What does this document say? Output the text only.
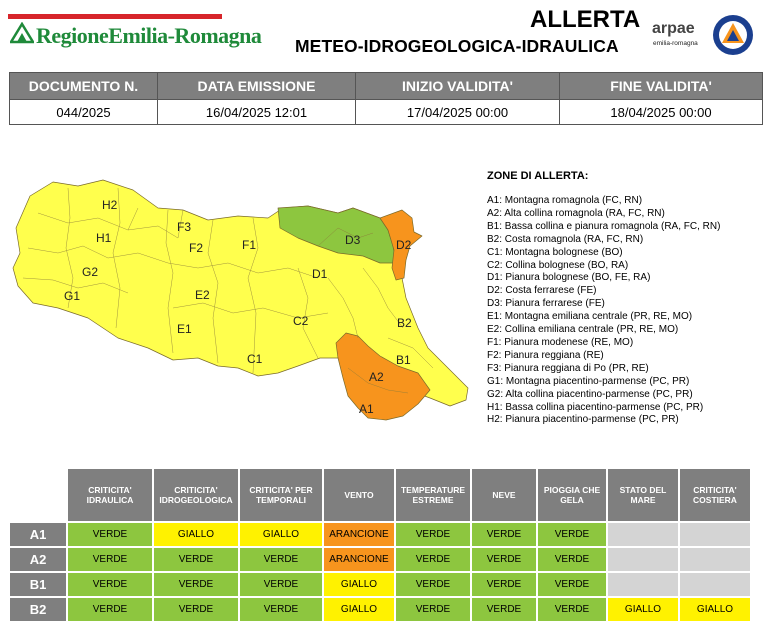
RegioneEmilia-Romagna
ALLERTA
METEO-IDROGEOLOGICA-IDRAULICA
arpae
emilia-romagna
DOCUMENTO N.	DATA EMISSIONE	INIZIO VALIDITA'	FINE VALIDITA'
044/2025	16/04/2025 12:01	17/04/2025 00:00	18/04/2025 00:00
H2
H1
G2
G1
F3
F2	F1
E2
E1
D3	D2
D1
C2
C1
B2
B1
A2
A1
ZONE DI ALLERTA:
A1: Montagna romagnola (FC, RN)
A2: Alta collina romagnola (RA, FC, RN)
B1: Bassa collina e pianura romagnola (RA, FC, RN)
B2: Costa romagnola (RA, FC, RN)
C1: Montagna bolognese (BO)
C2: Collina bolognese (BO, RA)
D1: Pianura bolognese (BO, FE, RA)
D2: Costa ferrarese (FE)
D3: Pianura ferrarese (FE)
E1: Montagna emiliana centrale (PR, RE, MO)
E2: Collina emiliana centrale (PR, RE, MO)
F1: Pianura modenese (RE, MO)
F2: Pianura reggiana (RE)
F3: Pianura reggiana di Po (PR, RE)
G1: Montagna piacentino-parmense (PC, PR)
G2: Alta collina piacentino-parmense (PC, PR)
H1: Bassa collina piacentino-parmense (PC, PR)
H2: Pianura piacentino-parmense (PC, PR)
	CRITICITA' IDRAULICA	CRITICITA' IDROGEOLOGICA	CRITICITA' PER TEMPORALI	VENTO	TEMPERATURE ESTREME	NEVE	PIOGGIA CHE GELA	STATO DEL MARE	CRITICITA' COSTIERA
A1	VERDE	GIALLO	GIALLO	ARANCIONE	VERDE	VERDE	VERDE		
A2	VERDE	VERDE	VERDE	ARANCIONE	VERDE	VERDE	VERDE		
B1	VERDE	VERDE	VERDE	GIALLO	VERDE	VERDE	VERDE		
B2	VERDE	VERDE	VERDE	GIALLO	VERDE	VERDE	VERDE	GIALLO	GIALLO
